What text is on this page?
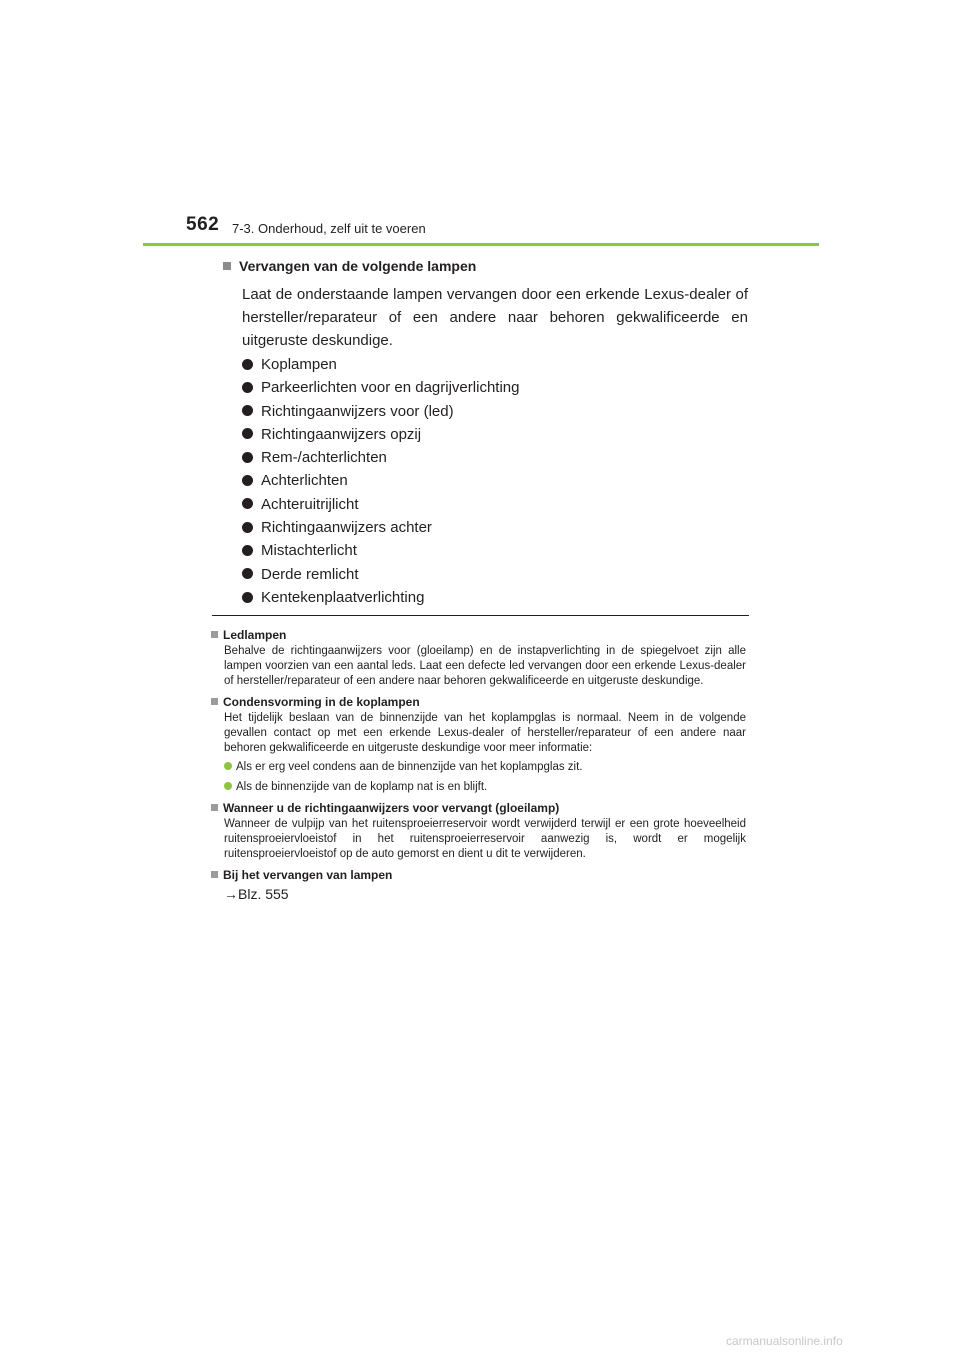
562 7-3. Onderhoud, zelf uit te voeren
Vervangen van de volgende lampen
Laat de onderstaande lampen vervangen door een erkende Lexus-dealer of hersteller/reparateur of een andere naar behoren gekwalificeerde en uitgeruste deskundige.
Koplampen
Parkeerlichten voor en dagrijverlichting
Richtingaanwijzers voor (led)
Richtingaanwijzers opzij
Rem-/achterlichten
Achterlichten
Achteruitrijlicht
Richtingaanwijzers achter
Mistachterlicht
Derde remlicht
Kentekenplaatverlichting
Ledlampen
Behalve de richtingaanwijzers voor (gloeilamp) en de instapverlichting in de spiegelvoet zijn alle lampen voorzien van een aantal leds. Laat een defecte led vervangen door een erkende Lexus-dealer of hersteller/reparateur of een andere naar behoren gekwalificeerde en uitgeruste deskundige.
Condensvorming in de koplampen
Het tijdelijk beslaan van de binnenzijde van het koplampglas is normaal. Neem in de volgende gevallen contact op met een erkende Lexus-dealer of hersteller/reparateur of een andere naar behoren gekwalificeerde en uitgeruste deskundige voor meer informatie:
Als er erg veel condens aan de binnenzijde van het koplampglas zit.
Als de binnenzijde van de koplamp nat is en blijft.
Wanneer u de richtingaanwijzers voor vervangt (gloeilamp)
Wanneer de vulpijp van het ruitensproeierreservoir wordt verwijderd terwijl er een grote hoeveelheid ruitensproeiervloeistof in het ruitensproeierreservoir aanwezig is, wordt er mogelijk ruitensproeiervloeistof op de auto gemorst en dient u dit te verwijderen.
Bij het vervangen van lampen
→Blz. 555
carmanualsonline.info
